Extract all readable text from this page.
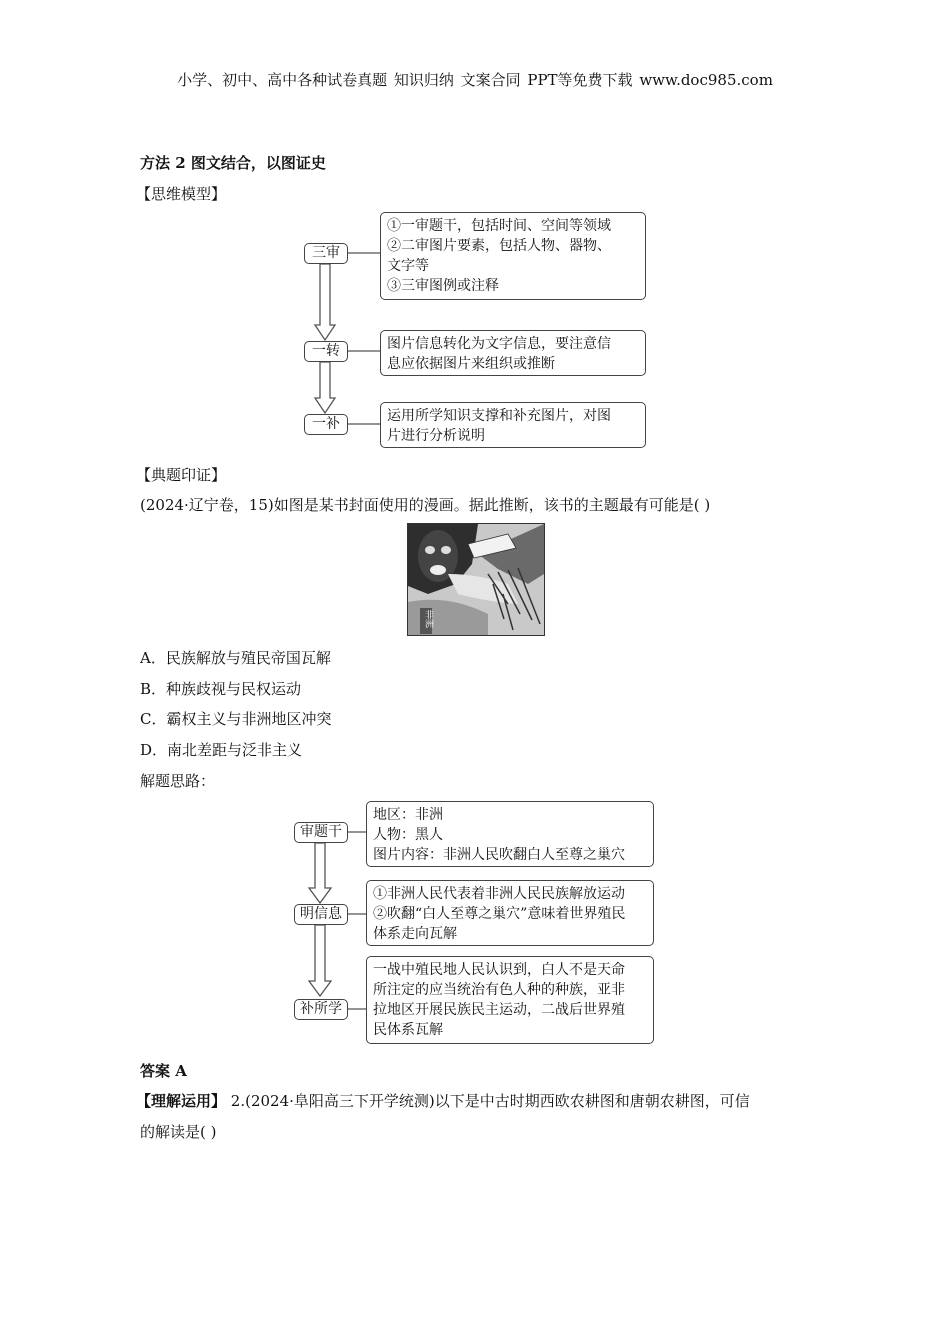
小学、初中、高中各种试卷真题 知识归纳 文案合同 PPT等免费下载 www.doc985.com
方法 2 图文结合，以图证史
【思维模型】
三审
①一审题干，包括时间、空间等领域
②二审图片要素，包括人物、器物、
文字等
③三审图例或注释
一转	图片信息转化为文字信息，要注意信
息应依据图片来组织或推断
一补	运用所学知识支撑和补充图片，对图
片进行分析说明
【典题印证】
(2024·辽宁卷，15)如图是某书封面使用的漫画。据此推断，该书的主题最有可能是( )
非洲
A．民族解放与殖民帝国瓦解
B．种族歧视与民权运动
C．霸权主义与非洲地区冲突
D．南北差距与泛非主义
解题思路：
审题干
地区：非洲
人物：黑人
图片内容：非洲人民吹翻白人至尊之巢穴
明信息
①非洲人民代表着非洲人民民族解放运动
②吹翻“白人至尊之巢穴”意味着世界殖民
体系走向瓦解
补所学
一战中殖民地人民认识到，白人不是天命
所注定的应当统治有色人种的种族，亚非
拉地区开展民族民主运动，二战后世界殖
民体系瓦解
答案 A
【理解运用】 2.(2024·阜阳高三下开学统测)以下是中古时期西欧农耕图和唐朝农耕图，可信
的解读是( )
